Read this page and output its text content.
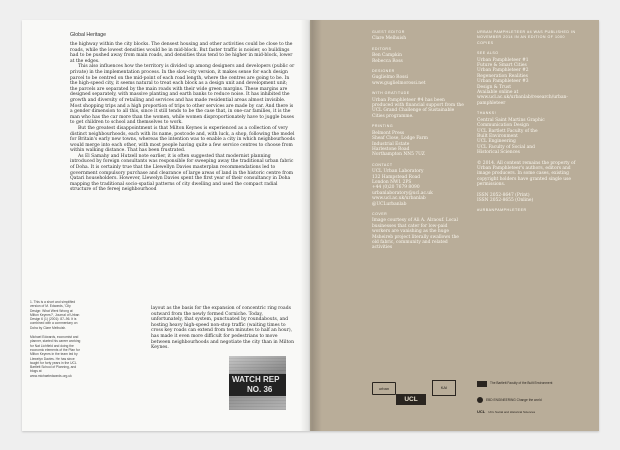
Global Heritage

the highway within the city blocks. The densest housing and other activities could be close to the roads, while the lowest densities would be in mid-block. But faster traffic is noisier, so buildings had to be pushed away from main roads, and densities thus tend to be higher in mid-block, lower at the edges.

This also influences how the territory is divided up among designers and developers (public or private) in the implementation process. In the slow-city version, it makes sense for each design parcel to be centred on the mid-point of each road length, where the centres are going to be. In the high-speed city, it seems natural to treat each block as a design unit and development unit; the parcels are separated by the main roads with their wide green margins. These margins are designed separately, with massive planting and earth banks to reduce noise. It has inhibited the growth and diversity of retailing and services and has made residential areas almost invisible. Most shopping trips and a high proportion of trips to other services are made by car. And there is a gender dimension to all this, since it still tends to be the case that, in one-car families, it is the man who has the car more than the women, while women disproportionately have to juggle buses to get children to school and themselves to work.

But the greatest disappointment is that Milton Keynes is experienced as a collection of very distinct neighbourhoods, each with its name, postcode and, with luck, a shop, following the model for Britain's early new towns, whereas the intention was to enable a city in which neighbourhoods would merge into each other, with most people having quite a few service centres to choose from within walking distance. That has been frustrated.

As El Samahy and Hutzell note earlier, it is often suggested that modernist planning introduced by foreign consultants was responsible for sweeping away the traditional urban fabric of Doha. It is certainly true that the Llewellyn Davies masterplan recommendations led to government compulsory purchase and clearance of large areas of land in the historic centre from Qatari householders. However, Llewelyn Davies spent the first year of their consultancy in Doha mapping the traditional socio-spatial patterns of city dwelling and used the compact radial structure of the fereej neighbourhood

layout as the basis for the expansion of concentric ring roads outward from the newly formed Corniche. Today, unfortunately, that system, punctuated by roundabouts, and hosting heavy high-speed non-stop traffic (waiting times to cross key roads can extend from ten minutes to half an hour), has made it even more difficult for pedestrians to move between neighbourhoods and negotiate the city than in Milton Keynes.

1. This is a short and simplified version of M. Edwards, 'City Design: What Went Wrong at Milton Keynes?', Journal of Urban Design 6 (1) (2001): 87–96. It is combined with a commentary on Doha by Clare Melhuish.

Michael Edwards, economist and planner, started his career working for Nat Lichfield and doing the economic elements of the Plan for Milton Keynes in the team led by Llewelyn Davies. He has since taught for forty years in the UCL Bartlett School of Planning, and blogs at www.michaeledwards.org.uk	WATCH REP
NO. 36
GUEST EDITOR
Clare Melhuish
EDITORS
Ben Campkin
Rebecca Ross
DESIGNER
Guglielmo Rossi
www.guglielmorossi.net
WITH GRATITUDE
Urban Pamphleteer #4 has been produced with financial support from the UCL Grand Challenge of Sustainable Cities programme.
PRINTING
Belmont Press
Sheaf Close, Lodge Farm
Industrial Estate
Harlestone Road
Northampton NN5 7UZ
CONTACT
UCL Urban Laboratory
132 Hampstead Road
London NW1 2PS
+44 (0)20 7679 8090
urbanlaboratory@ucl.ac.uk
www.ucl.ac.uk/urbanlab
@UCLurbanlab
COVER
Image courtesy of Ali A. Alraouf. Local businesses that cater for low-paid workers are vanishing as the huge Msheireb project literally swallows the old fabric, community and related activities
URBAN PAMPHLETEER #4 WAS PUBLISHED IN NOVEMBER 2014 IN AN EDITION OF 1000 COPIES
SEE ALSO
Urban Pamphleteer #1
Future & Smart Cities
Urban Pamphleteer #2
Regeneration Realities
Urban Pamphleteer #3
Design & Trust
Available online at www.ucl.ac.uk/urbanlab/research/urban-pamphleteer
THANKS!
Central Saint Martins Graphic
Communication Design
UCL Bartlett Faculty of the
Built Environment
UCL Engineering
UCL Faculty of Social and
Historical Sciences
© 2014. All content remains the property of Urban Pamphleteer's authors, editors and image producers. In some cases, existing copyright holders have granted single use permissions.
ISSN 2052-8647 (Print)
ISSN 2052-8655 (Online)
#URBANPAMPHLETEER
urban
UCL
KAI
The Bartlett Faculty of the Built Environment
EBD ENGINEERING Change the world
UCL UCL Social and Historical Sciences
